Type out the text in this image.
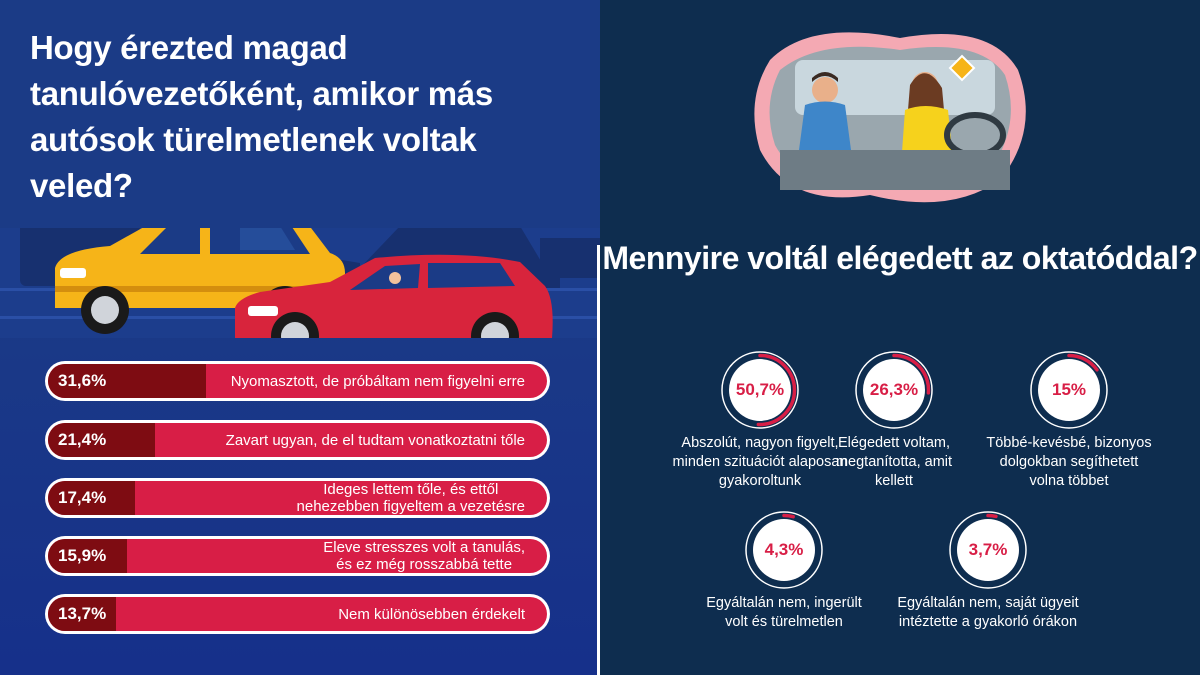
Hogy érezted magad tanulóvezetőként, amikor más autósok türelmetlenek voltak veled?
31,6%	Nyomasztott, de próbáltam nem figyelni erre
21,4%	Zavart ugyan, de el tudtam vonatkoztatni tőle
17,4%	Ideges lettem tőle, és ettől
nehezebben figyeltem a vezetésre
15,9%	Eleve stresszes volt a tanulás,
és ez még rosszabbá tette
13,7%	Nem különösebben érdekelt
Mennyire voltál elégedett az oktatóddal?
50,7%
Abszolút, nagyon figyelt,
minden szituációt alaposan
gyakoroltunk
26,3%
Elégedett voltam,
megtanította, amit
kellett
15%
Többé-kevésbé, bizonyos
dolgokban segíthetett
volna többet
4,3%
Egyáltalán nem, ingerült
volt és türelmetlen
3,7%
Egyáltalán nem, saját ügyeit
intéztette a gyakorló órákon
